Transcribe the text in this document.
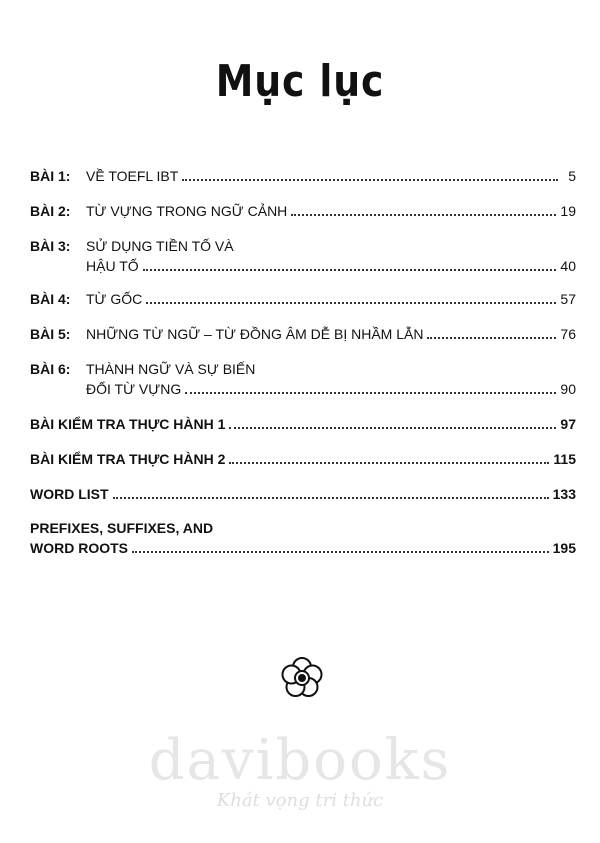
Mục lục
BÀI 1: VỀ TOEFL IBT	5
BÀI 2: TỪ VỰNG TRONG NGỮ CẢNH	19
BÀI 3: SỬ DỤNG TIỀN TỐ VÀ
HẬU TỐ	40
BÀI 4: TỪ GỐC	57
BÀI 5: NHỮNG TỪ NGỮ – TỪ ĐỒNG ÂM DỄ BỊ NHẦM LẪN	76
BÀI 6: THÀNH NGỮ VÀ SỰ BIẾN
ĐỔI TỪ VỰNG	90
BÀI KIỂM TRA THỰC HÀNH 1	97
BÀI KIỂM TRA THỰC HÀNH 2	115
WORD LIST	133
PREFIXES, SUFFIXES, AND
WORD ROOTS	195
davibooks
Khát vọng tri thức
